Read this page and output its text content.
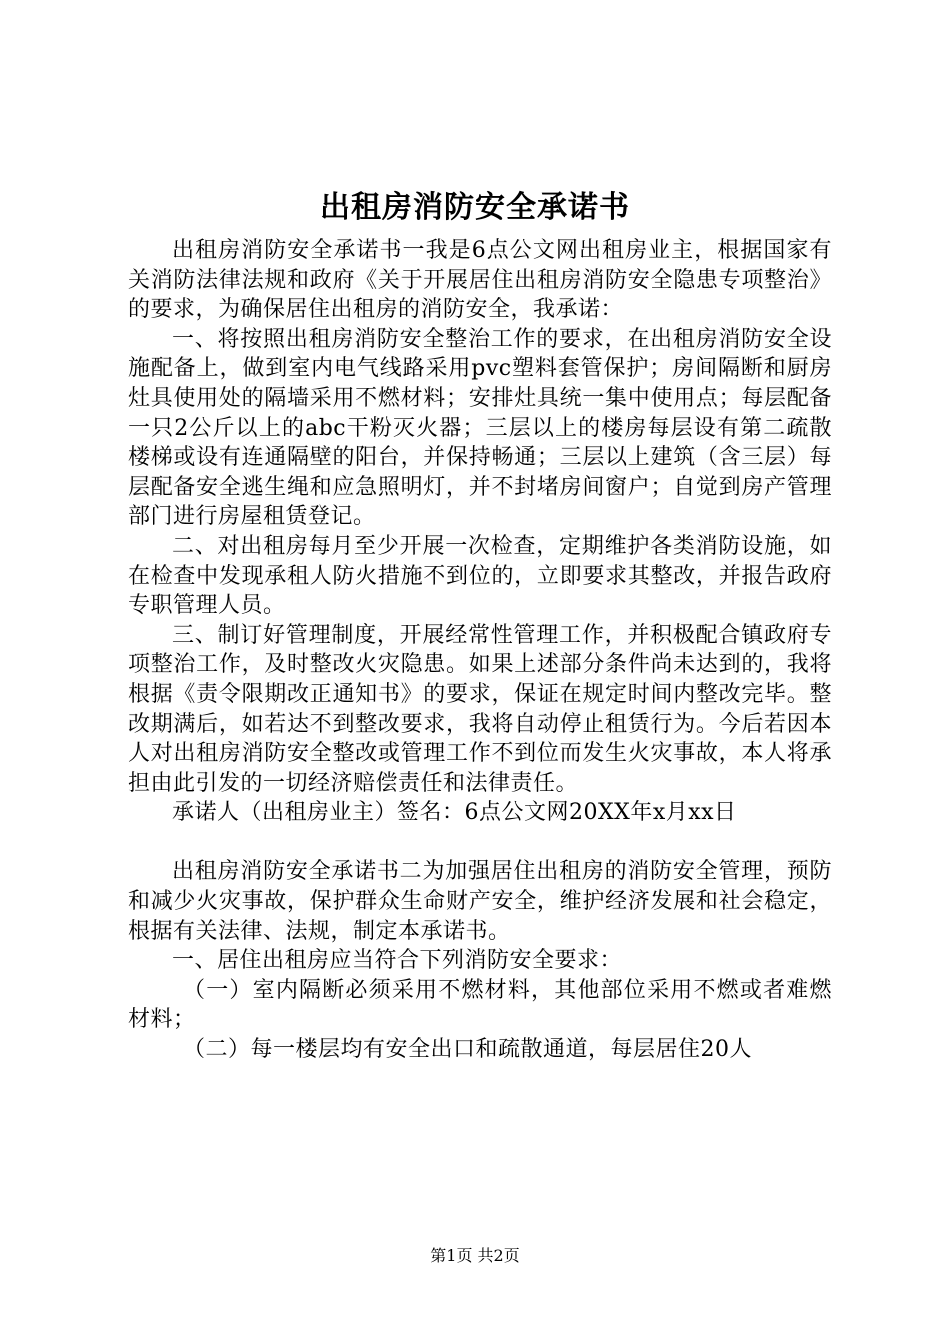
出租房消防安全承诺书

出租房消防安全承诺书一我是6点公文网出租房业主，根据国家有关消防法律法规和政府《关于开展居住出租房消防安全隐患专项整治》的要求，为确保居住出租房的消防安全，我承诺：

一、将按照出租房消防安全整治工作的要求，在出租房消防安全设施配备上，做到室内电气线路采用pvc塑料套管保护；房间隔断和厨房灶具使用处的隔墙采用不燃材料；安排灶具统一集中使用点；每层配备一只2公斤以上的abc干粉灭火器；三层以上的楼房每层设有第二疏散楼梯或设有连通隔壁的阳台，并保持畅通；三层以上建筑（含三层）每层配备安全逃生绳和应急照明灯，并不封堵房间窗户；自觉到房产管理部门进行房屋租赁登记。

二、对出租房每月至少开展一次检查，定期维护各类消防设施，如在检查中发现承租人防火措施不到位的，立即要求其整改，并报告政府专职管理人员。

三、制订好管理制度，开展经常性管理工作，并积极配合镇政府专项整治工作，及时整改火灾隐患。如果上述部分条件尚未达到的，我将根据《责令限期改正通知书》的要求，保证在规定时间内整改完毕。整改期满后，如若达不到整改要求，我将自动停止租赁行为。今后若因本人对出租房消防安全整改或管理工作不到位而发生火灾事故，本人将承担由此引发的一切经济赔偿责任和法律责任。

承诺人（出租房业主）签名：6点公文网20XX年x月xx日

出租房消防安全承诺书二为加强居住出租房的消防安全管理，预防和减少火灾事故，保护群众生命财产安全，维护经济发展和社会稳定，根据有关法律、法规，制定本承诺书。

一、居住出租房应当符合下列消防安全要求：

（一）室内隔断必须采用不燃材料，其他部位采用不燃或者难燃材料；

（二）每一楼层均有安全出口和疏散通道，每层居住20人

第1页 共2页
